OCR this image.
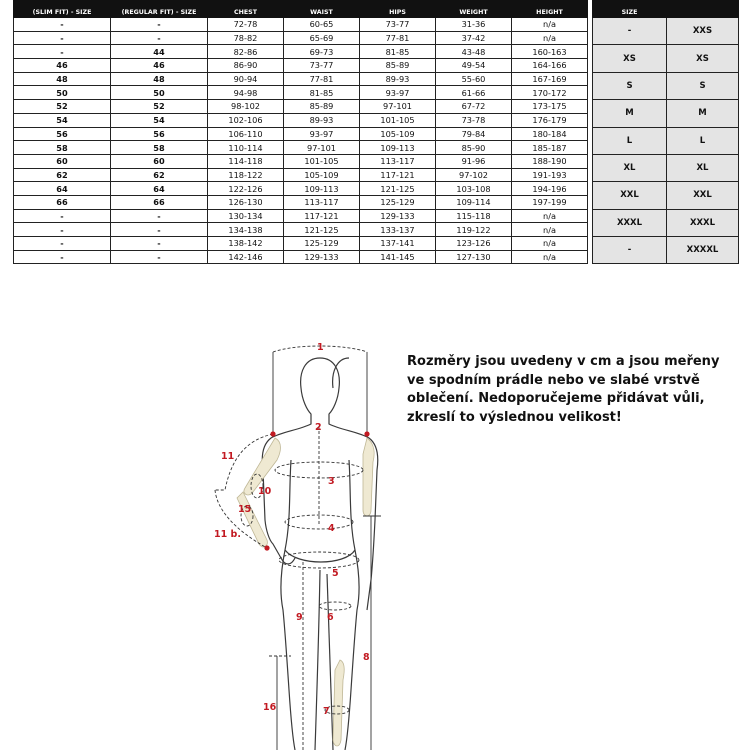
(SLIM FIT) - SIZE	(REGULAR FIT) - SIZE	CHEST	WAIST	HIPS	WEIGHT	HEIGHT		SIZE	
-	-	72-78	60-65	73-77	31-36	n/a		-	XXS
-	-	78-82	65-69	77-81	37-42	n/a			
-	44	82-86	69-73	81-85	43-48	160-163		XS	XS
46	46	86-90	73-77	85-89	49-54	164-166			
48	48	90-94	77-81	89-93	55-60	167-169		S	S
50	50	94-98	81-85	93-97	61-66	170-172			
52	52	98-102	85-89	97-101	67-72	173-175		M	M
54	54	102-106	89-93	101-105	73-78	176-179			
56	56	106-110	93-97	105-109	79-84	180-184		L	L
58	58	110-114	97-101	109-113	85-90	185-187			
60	60	114-118	101-105	113-117	91-96	188-190		XL	XL
62	62	118-122	105-109	117-121	97-102	191-193			
64	64	122-126	109-113	121-125	103-108	194-196		XXL	XXL
66	66	126-130	113-117	125-129	109-114	197-199			
-	-	130-134	117-121	129-133	115-118	n/a		XXXL	XXXL
-	-	134-138	121-125	133-137	119-122	n/a			
-	-	138-142	125-129	137-141	123-126	n/a		-	XXXXL
-	-	142-146	129-133	141-145	127-130	n/a			

Rozměry jsou uvedeny v cm a jsou meřeny ve spodním prádle nebo ve slabé vrstvě oblečení. Nedoporučejeme přidávat vůli, zkreslí to výslednou velikost!

1
2
3
4
5
6
7
8
9
10
11
11 b.
15
16
